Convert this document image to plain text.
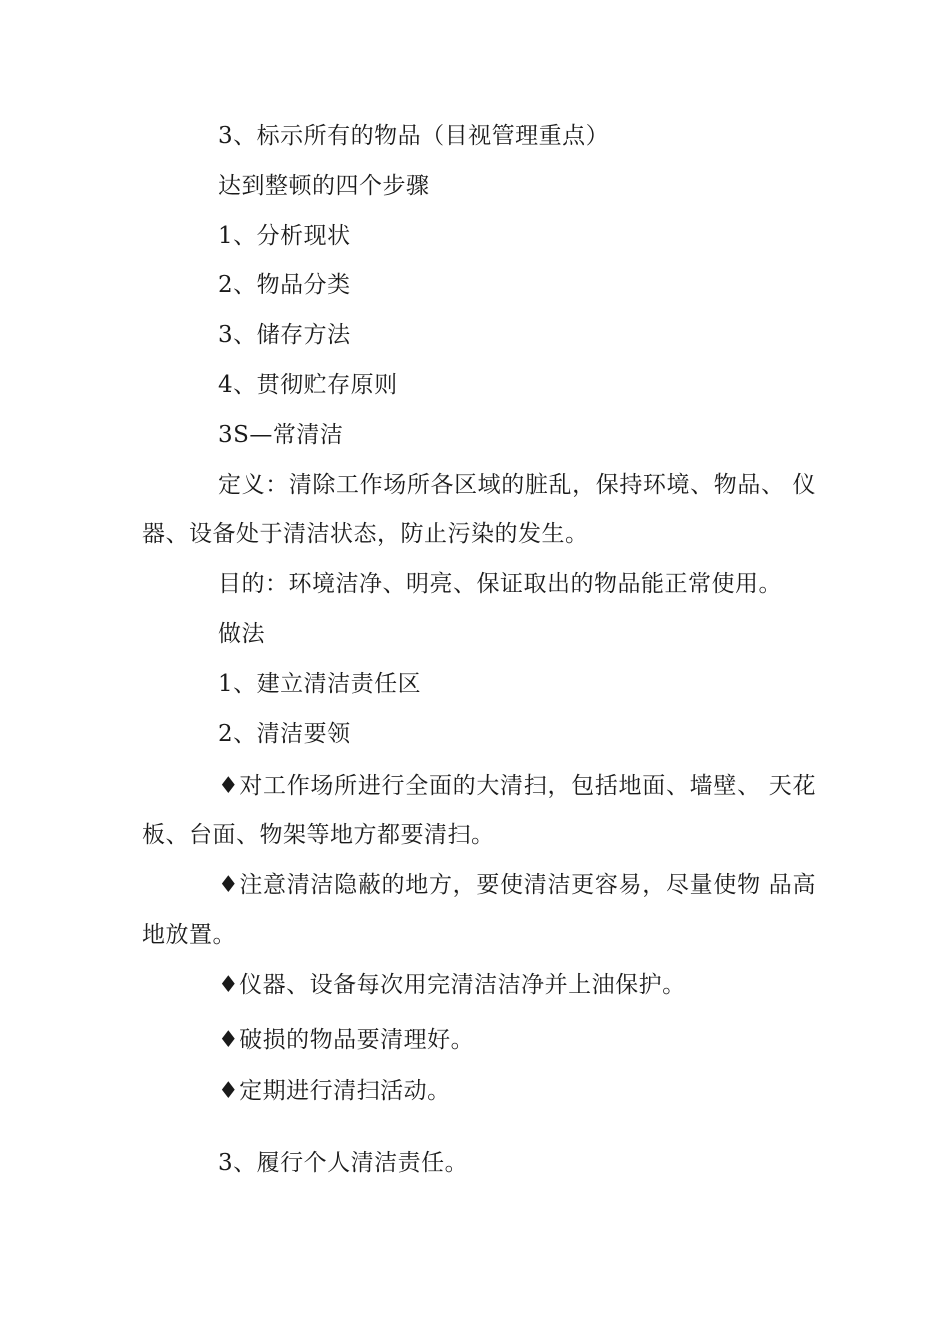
3、标示所有的物品（目视管理重点）
达到整顿的四个步骤
1、分析现状
2、物品分类
3、储存方法
4、贯彻贮存原则
3S—常清洁
定义：清除工作场所各区域的脏乱，保持环境、物品、 仪
器、设备处于清洁状态，防止污染的发生。
目的：环境洁净、明亮、保证取出的物品能正常使用。
做法
1、建立清洁责任区
2、清洁要领
♦对工作场所进行全面的大清扫，包括地面、墙壁、 天花
板、台面、物架等地方都要清扫。
♦注意清洁隐蔽的地方，要使清洁更容易，尽量使物 品高
地放置。
♦仪器、设备每次用完清洁洁净并上油保护。
♦破损的物品要清理好。
♦定期进行清扫活动。
3、履行个人清洁责任。
